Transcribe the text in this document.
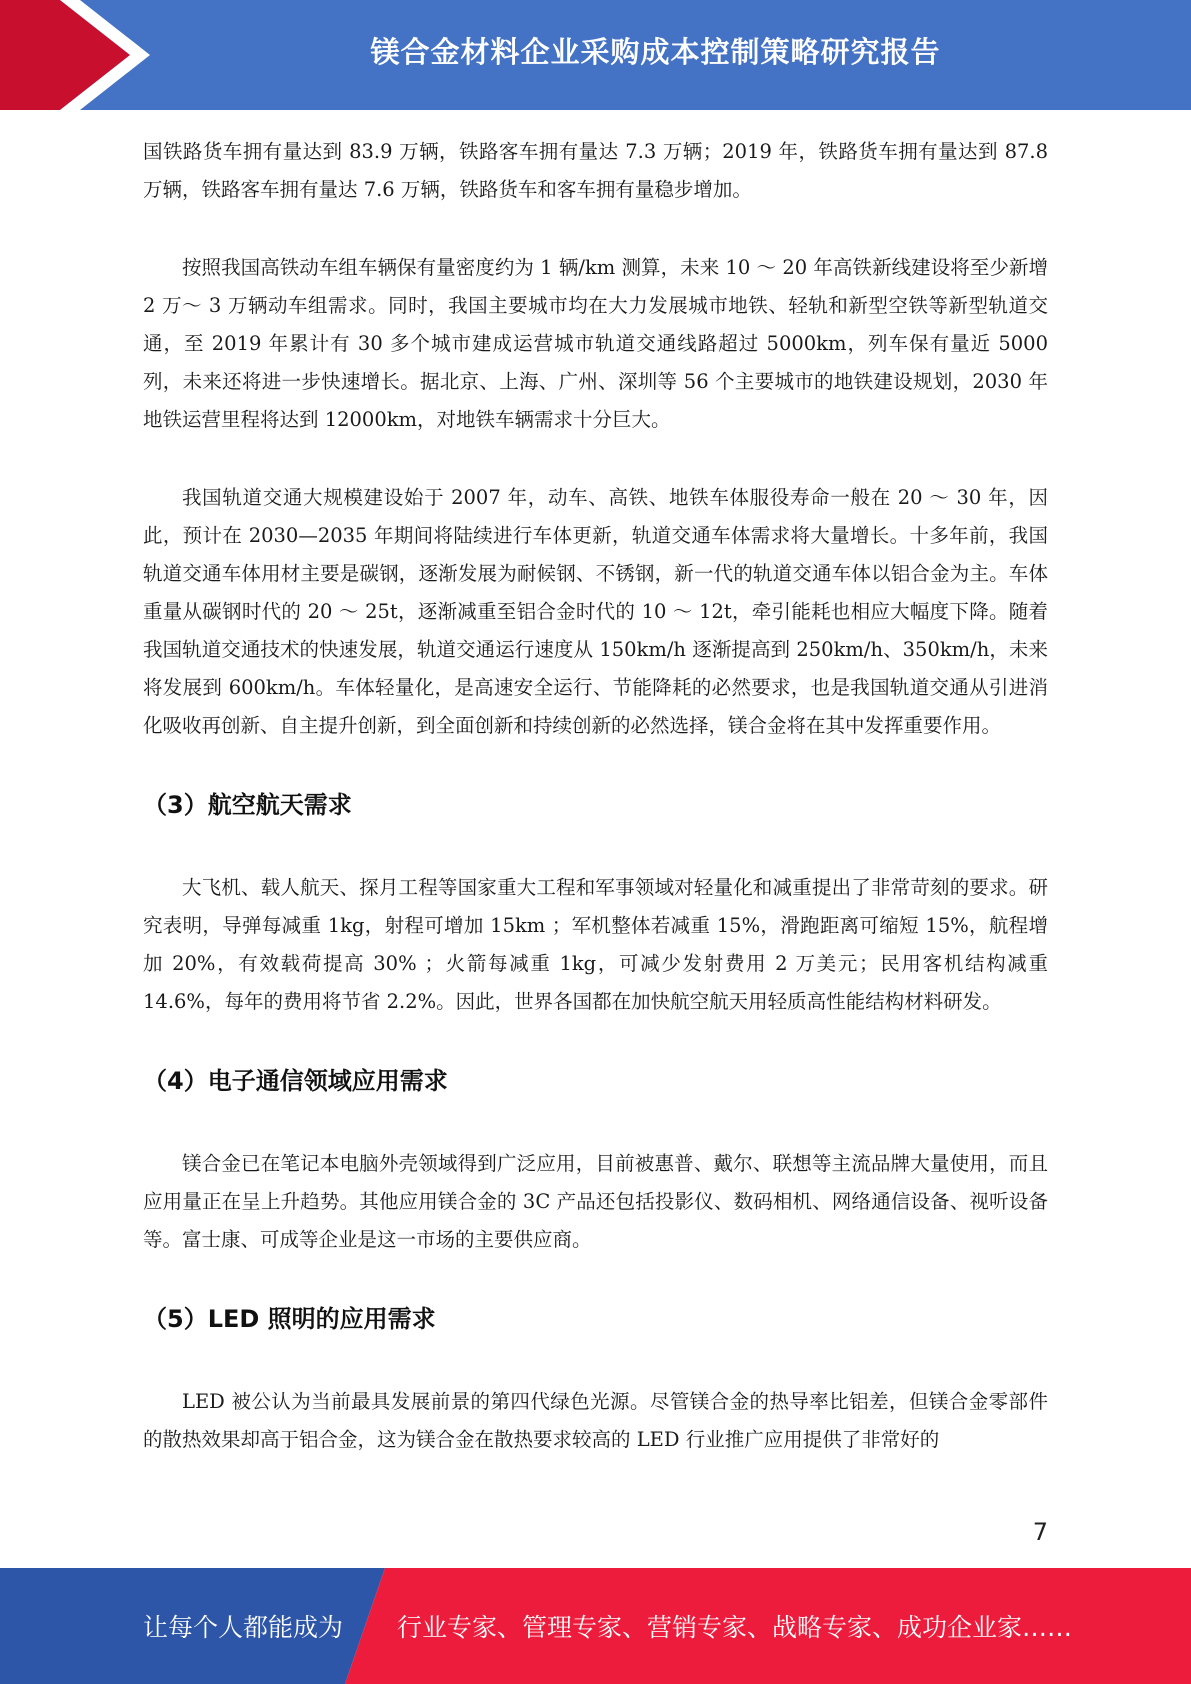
镁合金材料企业采购成本控制策略研究报告

国铁路货车拥有量达到 83.9 万辆，铁路客车拥有量达 7.3 万辆；2019 年，铁路货车拥有量达到 87.8 万辆，铁路客车拥有量达 7.6 万辆，铁路货车和客车拥有量稳步增加。

按照我国高铁动车组车辆保有量密度约为 1 辆/km 测算，未来 10 ～ 20 年高铁新线建设将至少新增 2 万～ 3 万辆动车组需求。同时，我国主要城市均在大力发展城市地铁、轻轨和新型空铁等新型轨道交通，至 2019 年累计有 30 多个城市建成运营城市轨道交通线路超过 5000km，列车保有量近 5000 列，未来还将进一步快速增长。据北京、上海、广州、深圳等 56 个主要城市的地铁建设规划，2030 年地铁运营里程将达到 12000km，对地铁车辆需求十分巨大。

我国轨道交通大规模建设始于 2007 年，动车、高铁、地铁车体服役寿命一般在 20 ～ 30 年，因此，预计在 2030—2035 年期间将陆续进行车体更新，轨道交通车体需求将大量增长。十多年前，我国轨道交通车体用材主要是碳钢，逐渐发展为耐候钢、不锈钢，新一代的轨道交通车体以铝合金为主。车体重量从碳钢时代的 20 ～ 25t，逐渐减重至铝合金时代的 10 ～ 12t，牵引能耗也相应大幅度下降。随着我国轨道交通技术的快速发展，轨道交通运行速度从 150km/h 逐渐提高到 250km/h、350km/h，未来将发展到 600km/h。车体轻量化，是高速安全运行、节能降耗的必然要求，也是我国轨道交通从引进消化吸收再创新、自主提升创新，到全面创新和持续创新的必然选择，镁合金将在其中发挥重要作用。

（3）航空航天需求

大飞机、载人航天、探月工程等国家重大工程和军事领域对轻量化和减重提出了非常苛刻的要求。研究表明，导弹每减重 1kg，射程可增加 15km ；军机整体若减重 15%，滑跑距离可缩短 15%，航程增加 20%，有效载荷提高 30% ；火箭每减重 1kg，可减少发射费用 2 万美元；民用客机结构减重 14.6%，每年的费用将节省 2.2%。因此，世界各国都在加快航空航天用轻质高性能结构材料研发。

（4）电子通信领域应用需求

镁合金已在笔记本电脑外壳领域得到广泛应用，目前被惠普、戴尔、联想等主流品牌大量使用，而且应用量正在呈上升趋势。其他应用镁合金的 3C 产品还包括投影仪、数码相机、网络通信设备、视听设备等。富士康、可成等企业是这一市场的主要供应商。

（5）LED 照明的应用需求

LED 被公认为当前最具发展前景的第四代绿色光源。尽管镁合金的热导率比铝差，但镁合金零部件的散热效果却高于铝合金，这为镁合金在散热要求较高的 LED 行业推广应用提供了非常好的

7
让每个人都能成为 行业专家、管理专家、营销专家、战略专家、成功企业家……
